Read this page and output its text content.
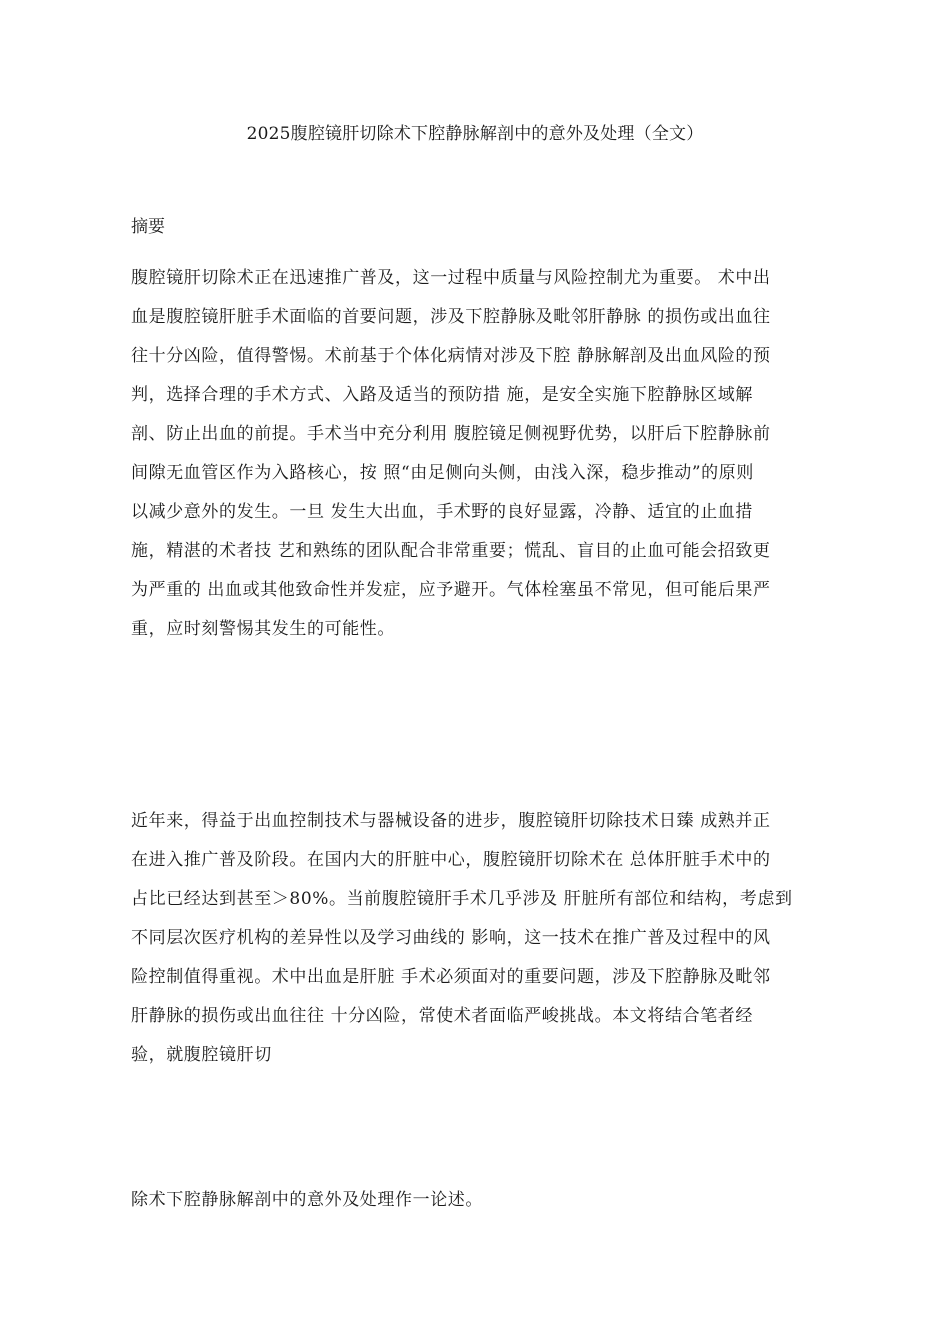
2025腹腔镜肝切除术下腔静脉解剖中的意外及处理（全文）
摘要
腹腔镜肝切除术正在迅速推广普及，这一过程中质量与风险控制尤为重要。 术中出
血是腹腔镜肝脏手术面临的首要问题，涉及下腔静脉及毗邻肝静脉 的损伤或出血往
往十分凶险，值得警惕。术前基于个体化病情对涉及下腔 静脉解剖及出血风险的预
判，选择合理的手术方式、入路及适当的预防措 施，是安全实施下腔静脉区域解
剖、防止出血的前提。手术当中充分利用 腹腔镜足侧视野优势，以肝后下腔静脉前
间隙无血管区作为入路核心，按 照“由足侧向头侧，由浅入深，稳步推动”的原则
以减少意外的发生。一旦 发生大出血，手术野的良好显露，冷静、适宜的止血措
施，精湛的术者技 艺和熟练的团队配合非常重要；慌乱、盲目的止血可能会招致更
为严重的 出血或其他致命性并发症，应予避开。气体栓塞虽不常见，但可能后果严
重，应时刻警惕其发生的可能性。
近年来，得益于出血控制技术与器械设备的进步，腹腔镜肝切除技术日臻 成熟并正
在进入推广普及阶段。在国内大的肝脏中心，腹腔镜肝切除术在 总体肝脏手术中的
占比已经达到甚至＞80%。当前腹腔镜肝手术几乎涉及 肝脏所有部位和结构，考虑到
不同层次医疗机构的差异性以及学习曲线的 影响，这一技术在推广普及过程中的风
险控制值得重视。术中出血是肝脏 手术必须面对的重要问题，涉及下腔静脉及毗邻
肝静脉的损伤或出血往往 十分凶险，常使术者面临严峻挑战。本文将结合笔者经
验，就腹腔镜肝切
除术下腔静脉解剖中的意外及处理作一论述。
